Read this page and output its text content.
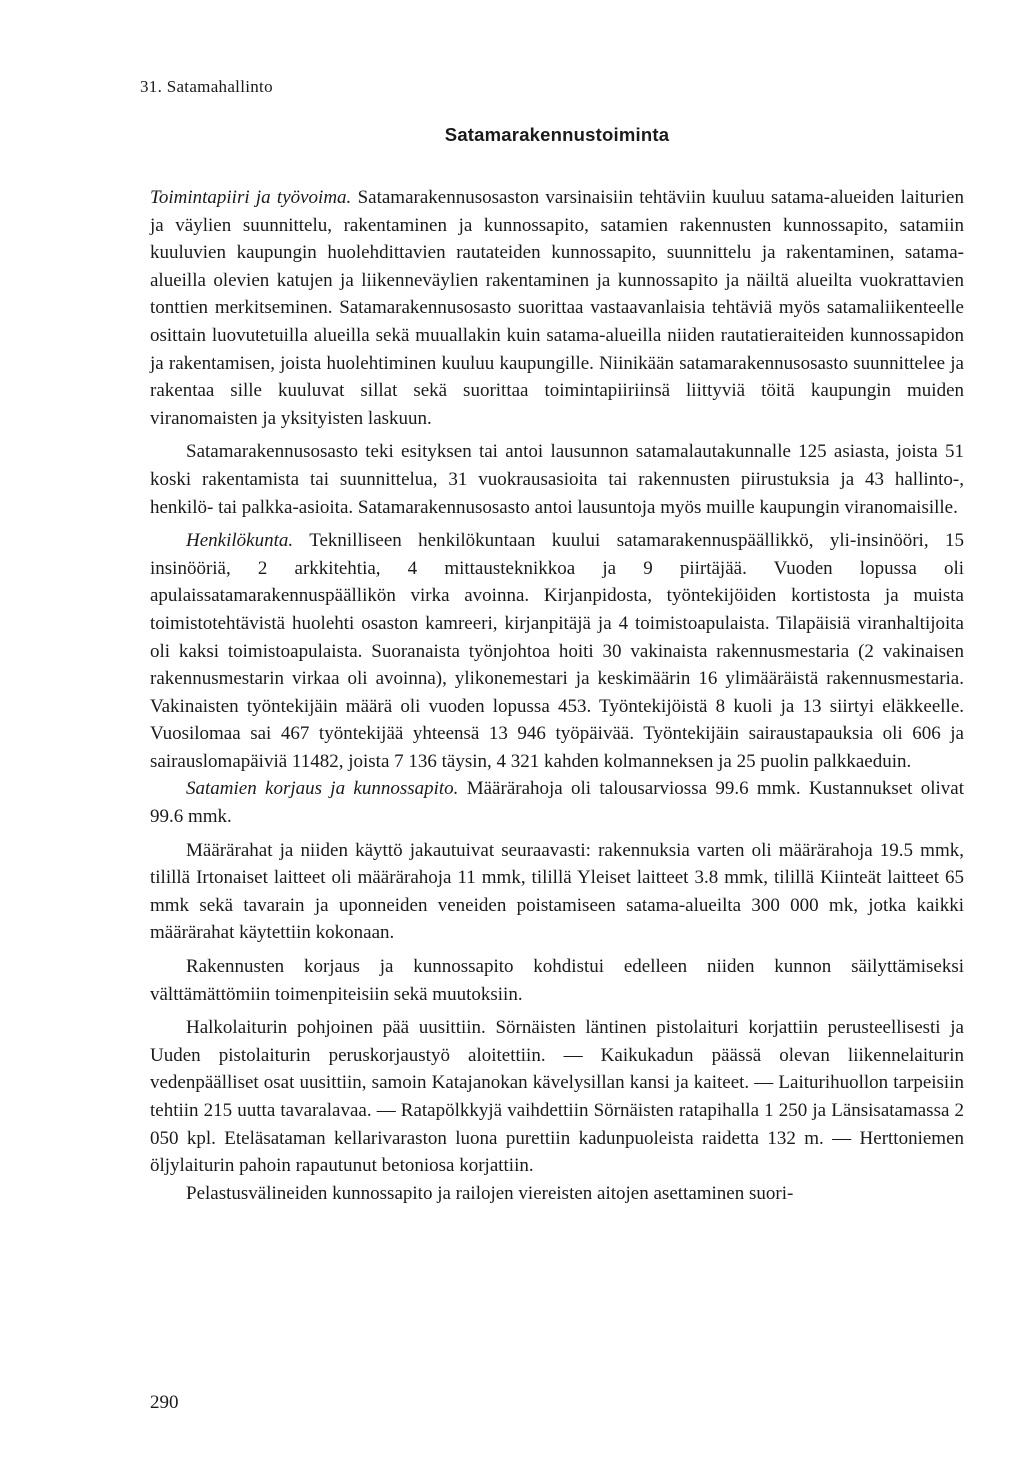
31. Satamahallinto
Satamarakennustoiminta

Toimintapiiri ja työvoima. Satamarakennusosaston varsinaisiin tehtäviin kuuluu satama-alueiden laiturien ja väylien suunnittelu, rakentaminen ja kunnossapito, satamien rakennusten kunnossapito, satamiin kuuluvien kaupungin huolehdittavien rautateiden kunnossapito, suunnittelu ja rakentaminen, satama-alueilla olevien katujen ja liikenneväylien rakentaminen ja kunnossapito ja näiltä alueilta vuokrattavien tonttien merkitseminen. Satamarakennusosasto suorittaa vastaavanlaisia tehtäviä myös satamaliikenteelle osittain luovutetuilla alueilla sekä muuallakin kuin satama-alueilla niiden rautatieraiteiden kunnossapidon ja rakentamisen, joista huolehtiminen kuuluu kaupungille. Niinikään satamarakennusosasto suunnittelee ja rakentaa sille kuuluvat sillat sekä suorittaa toimintapiiriinsä liittyviä töitä kaupungin muiden viranomaisten ja yksityisten laskuun.

Satamarakennusosasto teki esityksen tai antoi lausunnon satamalautakunnalle 125 asiasta, joista 51 koski rakentamista tai suunnittelua, 31 vuokrausasioita tai rakennusten piirustuksia ja 43 hallinto-, henkilö- tai palkka-asioita. Satamarakennusosasto antoi lausuntoja myös muille kaupungin viranomaisille.

Henkilökunta. Teknilliseen henkilökuntaan kuului satamarakennuspäällikkö, yli-insinööri, 15 insinööriä, 2 arkkitehtia, 4 mittausteknikkoa ja 9 piirtäjää. Vuoden lopussa oli apulaissatamarakennuspäällikön virka avoinna. Kirjanpidosta, työntekijöiden kortistosta ja muista toimistotehtävistä huolehti osaston kamreeri, kirjanpitäjä ja 4 toimistoapulaista. Tilapäisiä viranhaltijoita oli kaksi toimistoapulaista. Suoranaista työnjohtoa hoiti 30 vakinaista rakennusmestaria (2 vakinaisen rakennusmestarin virkaa oli avoinna), ylikonemestari ja keskimäärin 16 ylimääräistä rakennusmestaria. Vakinaisten työntekijäin määrä oli vuoden lopussa 453. Työntekijöistä 8 kuoli ja 13 siirtyi eläkkeelle. Vuosilomaa sai 467 työntekijää yhteensä 13 946 työpäivää. Työntekijäin sairaustapauksia oli 606 ja sairauslomapäiviä 11482, joista 7 136 täysin, 4 321 kahden kolmanneksen ja 25 puolin palkkaeduin.

Satamien korjaus ja kunnossapito. Määrärahoja oli talousarviossa 99.6 mmk. Kustannukset olivat 99.6 mmk.

Määrärahat ja niiden käyttö jakautuivat seuraavasti: rakennuksia varten oli määrärahoja 19.5 mmk, tilillä Irtonaiset laitteet oli määrärahoja 11 mmk, tilillä Yleiset laitteet 3.8 mmk, tilillä Kiinteät laitteet 65 mmk sekä tavarain ja uponneiden veneiden poistamiseen satama-alueilta 300 000 mk, jotka kaikki määrärahat käytettiin kokonaan.

Rakennusten korjaus ja kunnossapito kohdistui edelleen niiden kunnon säilyttämiseksi välttämättömiin toimenpiteisiin sekä muutoksiin.

Halkolaiturin pohjoinen pää uusittiin. Sörnäisten läntinen pistolaituri korjattiin perusteellisesti ja Uuden pistolaiturin peruskorjaustyö aloitettiin. — Kaikukadun päässä olevan liikennelaiturin vedenpäälliset osat uusittiin, samoin Katajanokan kävelysillan kansi ja kaiteet. — Laiturihuollon tarpeisiin tehtiin 215 uutta tavaralavaa. — Ratapölkkyjä vaihdettiin Sörnäisten ratapihalla 1 250 ja Länsisatamassa 2 050 kpl. Eteläsataman kellarivaraston luona purettiin kadunpuoleista raidetta 132 m. — Herttoniemen öljylaiturin pahoin rapautunut betoniosa korjattiin.

Pelastusvälineiden kunnossapito ja railojen viereisten aitojen asettaminen suori-

290
